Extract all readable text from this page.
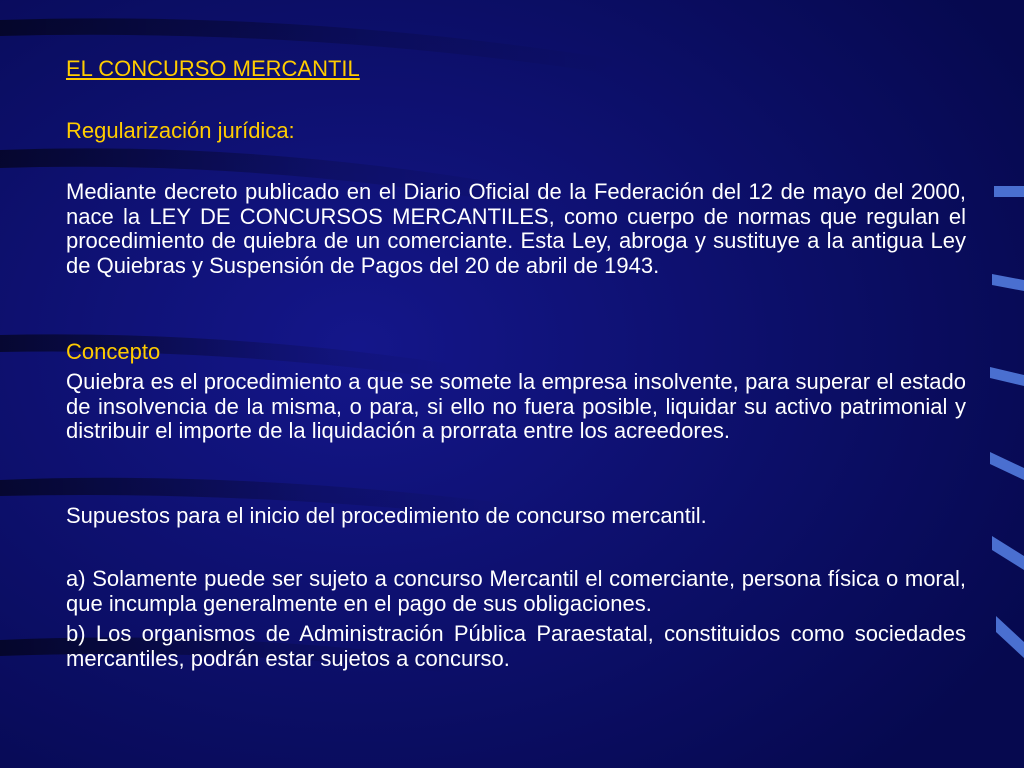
EL CONCURSO MERCANTIL

Regularización jurídica:

Mediante decreto publicado en el Diario Oficial de la Federación del 12 de mayo del 2000, nace la LEY DE CONCURSOS MERCANTILES, como cuerpo de normas que regulan el procedimiento de quiebra de un comerciante. Esta Ley, abroga y sustituye a la antigua Ley de Quiebras y Suspensión de Pagos del 20 de abril de 1943.

Concepto

Quiebra es el procedimiento a que se somete la empresa insolvente, para superar el estado de insolvencia de la misma, o para, si ello no fuera posible, liquidar su activo patrimonial y distribuir el importe de la liquidación a prorrata entre los acreedores.

Supuestos para el inicio del procedimiento de concurso mercantil.

a) Solamente puede ser sujeto a concurso Mercantil el comerciante, persona física o moral, que incumpla generalmente en el pago de sus obligaciones.

b) Los organismos de Administración Pública Paraestatal, constituidos como sociedades mercantiles, podrán estar sujetos a concurso.
